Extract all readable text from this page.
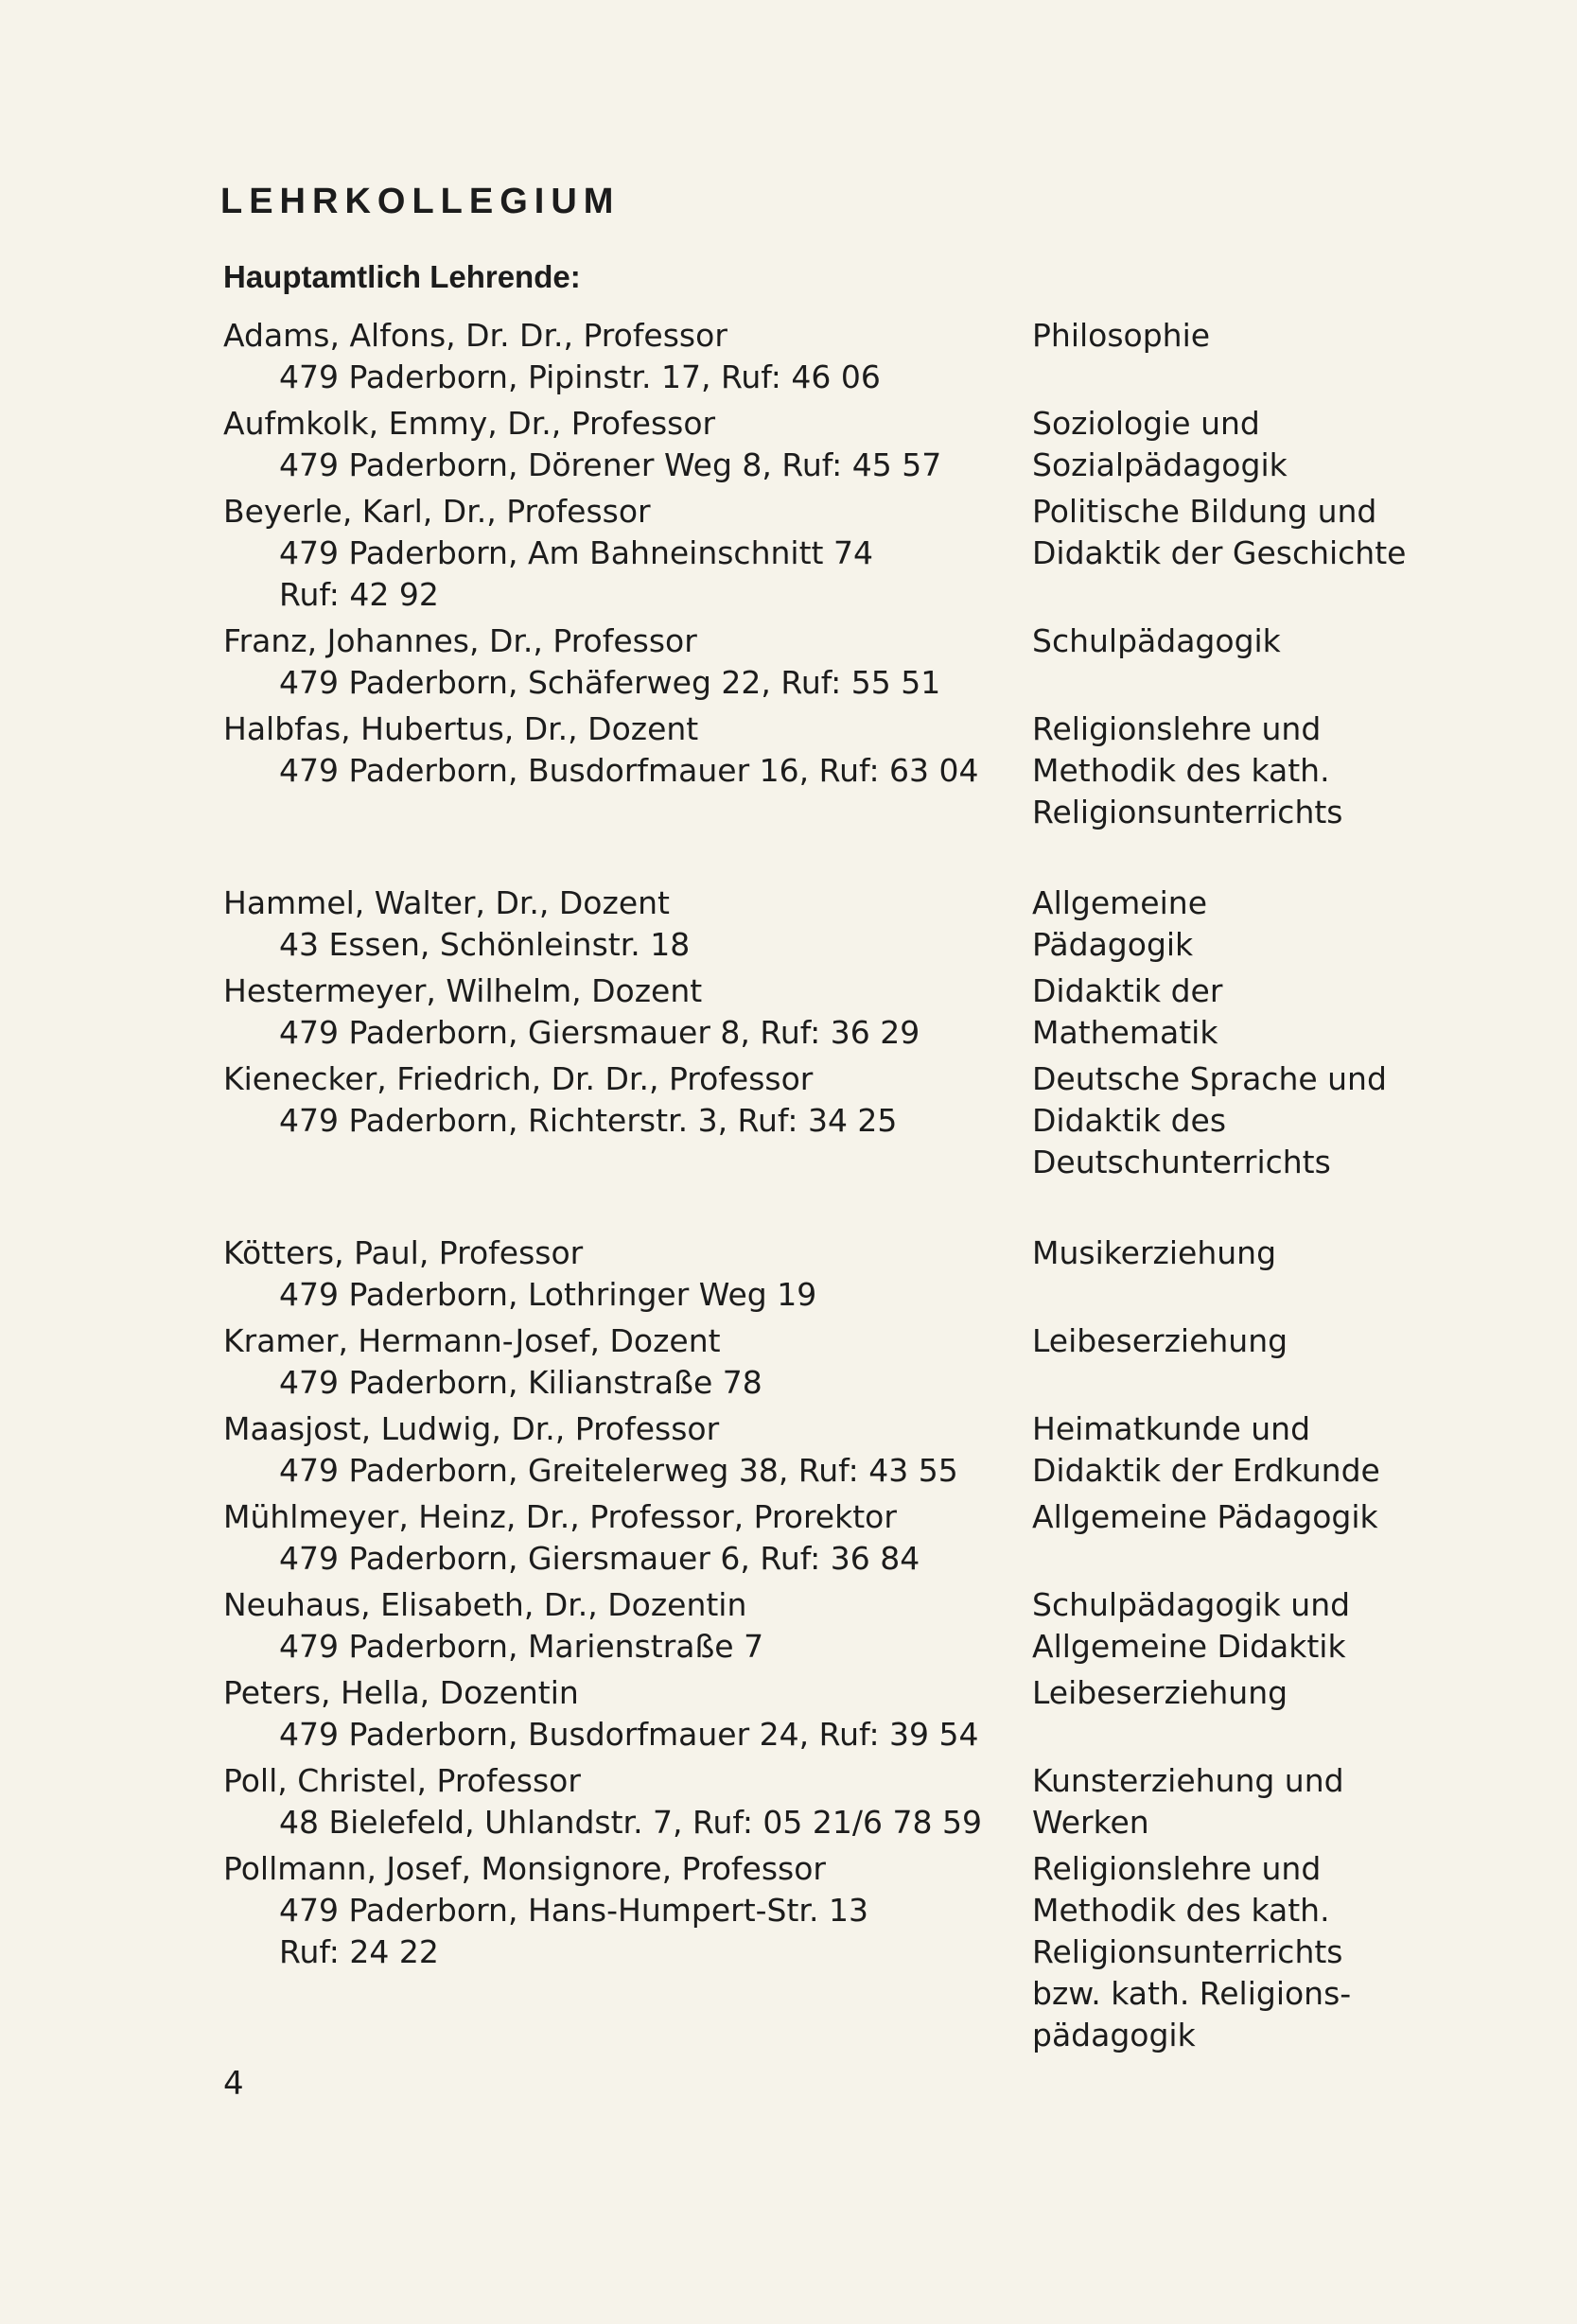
LEHRKOLLEGIUM
Hauptamtlich Lehrende:
Adams, Alfons, Dr. Dr., Professor
479 Paderborn, Pipinstr. 17, Ruf: 46 06
Philosophie
Aufmkolk, Emmy, Dr., Professor
479 Paderborn, Dörener Weg 8, Ruf: 45 57
Soziologie und
Sozialpädagogik
Beyerle, Karl, Dr., Professor
479 Paderborn, Am Bahneinschnitt 74
Ruf: 42 92
Politische Bildung und
Didaktik der Geschichte
Franz, Johannes, Dr., Professor
479 Paderborn, Schäferweg 22, Ruf: 55 51
Schulpädagogik
Halbfas, Hubertus, Dr., Dozent
479 Paderborn, Busdorfmauer 16, Ruf: 63 04
Religionslehre und
Methodik des kath.
Religionsunterrichts
Hammel, Walter, Dr., Dozent
43 Essen, Schönleinstr. 18
Allgemeine
Pädagogik
Hestermeyer, Wilhelm, Dozent
479 Paderborn, Giersmauer 8, Ruf: 36 29
Didaktik der
Mathematik
Kienecker, Friedrich, Dr. Dr., Professor
479 Paderborn, Richterstr. 3, Ruf: 34 25
Deutsche Sprache und
Didaktik des
Deutschunterrichts
Kötters, Paul, Professor
479 Paderborn, Lothringer Weg 19
Musikerziehung
Kramer, Hermann-Josef, Dozent
479 Paderborn, Kilianstraße 78
Leibeserziehung
Maasjost, Ludwig, Dr., Professor
479 Paderborn, Greitelerweg 38, Ruf: 43 55
Heimatkunde und
Didaktik der Erdkunde
Mühlmeyer, Heinz, Dr., Professor, Prorektor
479 Paderborn, Giersmauer 6, Ruf: 36 84
Allgemeine Pädagogik
Neuhaus, Elisabeth, Dr., Dozentin
479 Paderborn, Marienstraße 7
Schulpädagogik und
Allgemeine Didaktik
Peters, Hella, Dozentin
479 Paderborn, Busdorfmauer 24, Ruf: 39 54
Leibeserziehung
Poll, Christel, Professor
48 Bielefeld, Uhlandstr. 7, Ruf: 05 21/6 78 59
Kunsterziehung und
Werken
Pollmann, Josef, Monsignore, Professor
479 Paderborn, Hans-Humpert-Str. 13
Ruf: 24 22
Religionslehre und
Methodik des kath.
Religionsunterrichts
bzw. kath. Religions-
pädagogik
4
